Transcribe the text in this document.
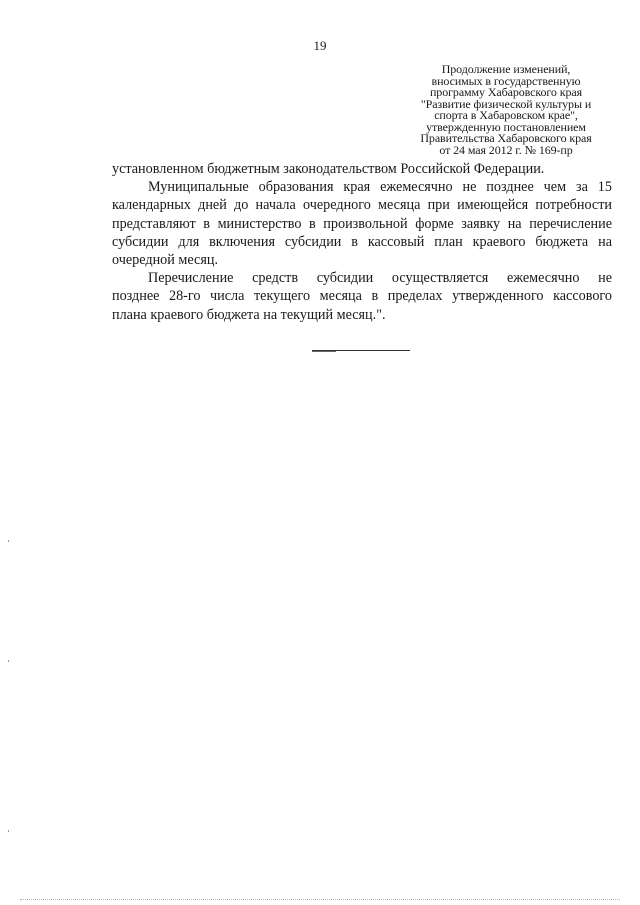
19
Продолжение изменений,
вносимых в государственную
программу Хабаровского края
"Развитие физической культуры и
спорта в Хабаровском крае",
утвержденную постановлением
Правительства Хабаровского края
от 24 мая 2012 г. № 169-пр

установленном бюджетным законодательством Российской Федерации.

Муниципальные образования края ежемесячно не позднее чем за 15
календарных дней до начала очередного месяца при имеющейся потребности
представляют в министерство в произвольной форме заявку на перечисление
субсидии для включения субсидии в кассовый план краевого бюджета на
очередной месяц.

Перечисление средств субсидии осуществляется ежемесячно не
позднее 28-го числа текущего месяца в пределах утвержденного кассового
плана краевого бюджета на текущий месяц.".
